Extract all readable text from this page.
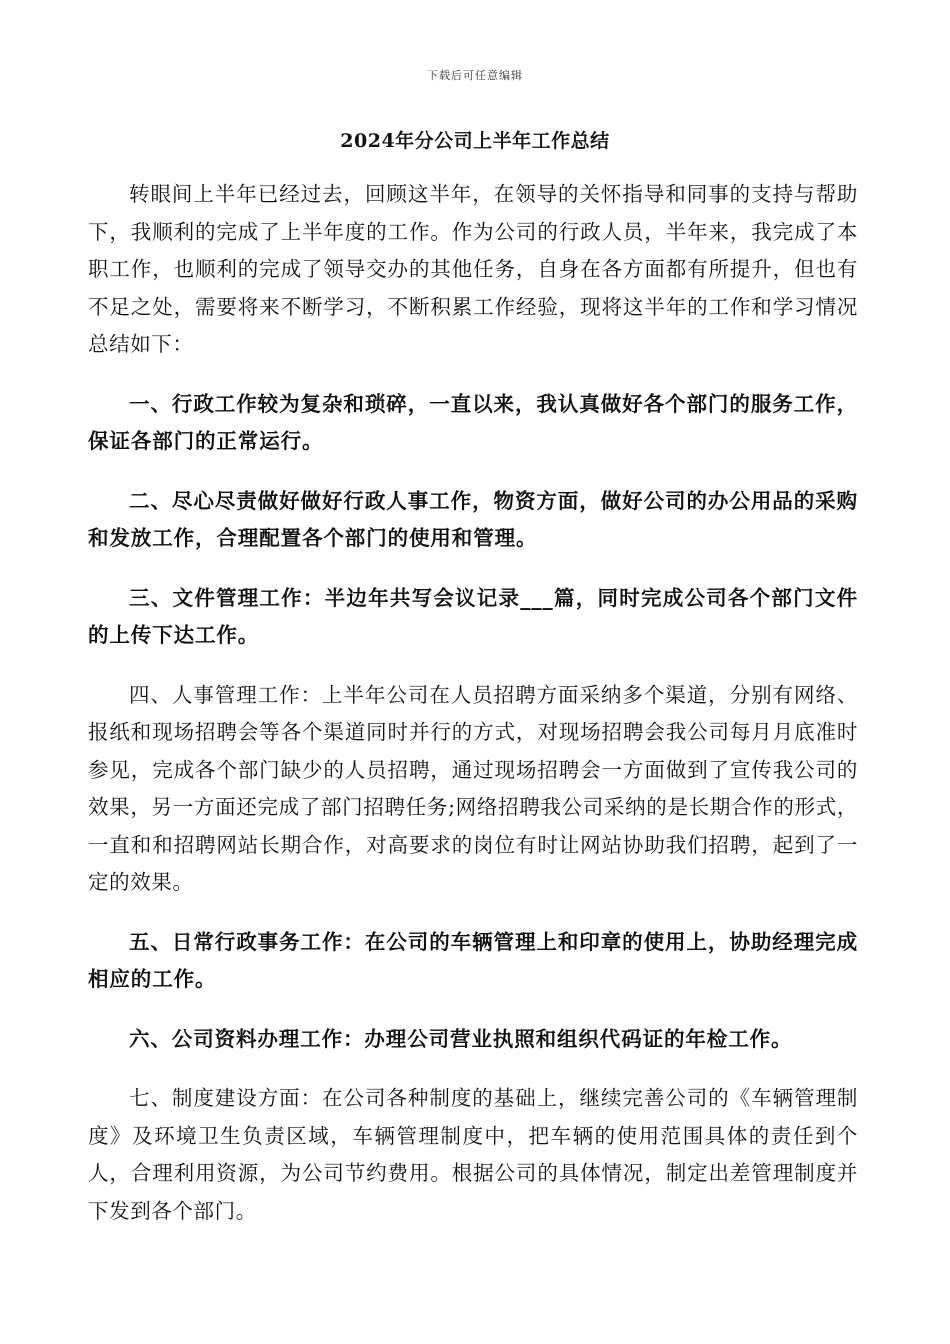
下载后可任意编辑
2024年分公司上半年工作总结

转眼间上半年已经过去，回顾这半年，在领导的关怀指导和同事的支持与帮助下，我顺利的完成了上半年度的工作。作为公司的行政人员，半年来，我完成了本职工作，也顺利的完成了领导交办的其他任务，自身在各方面都有所提升，但也有不足之处，需要将来不断学习，不断积累工作经验，现将这半年的工作和学习情况总结如下：

一、行政工作较为复杂和琐碎，一直以来，我认真做好各个部门的服务工作，保证各部门的正常运行。

二、尽心尽责做好做好行政人事工作，物资方面，做好公司的办公用品的采购和发放工作，合理配置各个部门的使用和管理。

三、文件管理工作：半边年共写会议记录___篇，同时完成公司各个部门文件的上传下达工作。

四、人事管理工作：上半年公司在人员招聘方面采纳多个渠道，分别有网络、报纸和现场招聘会等各个渠道同时并行的方式，对现场招聘会我公司每月月底准时参见，完成各个部门缺少的人员招聘，通过现场招聘会一方面做到了宣传我公司的效果，另一方面还完成了部门招聘任务;网络招聘我公司采纳的是长期合作的形式，一直和和招聘网站长期合作，对高要求的岗位有时让网站协助我们招聘，起到了一定的效果。

五、日常行政事务工作：在公司的车辆管理上和印章的使用上，协助经理完成相应的工作。

六、公司资料办理工作：办理公司营业执照和组织代码证的年检工作。

七、制度建设方面：在公司各种制度的基础上，继续完善公司的《车辆管理制度》及环境卫生负责区域，车辆管理制度中，把车辆的使用范围具体的责任到个人，合理利用资源，为公司节约费用。根据公司的具体情况，制定出差管理制度并下发到各个部门。
